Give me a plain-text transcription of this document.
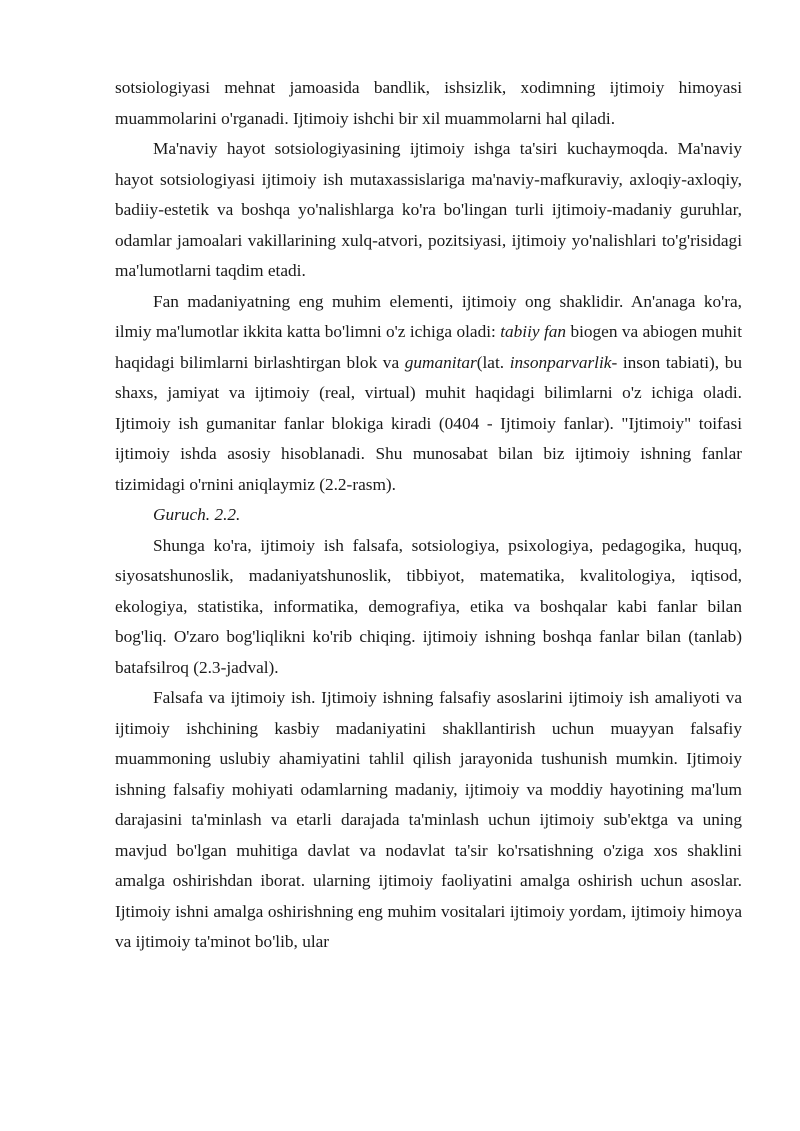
sotsiologiyasi mehnat jamoasida bandlik, ishsizlik, xodimning ijtimoiy himoyasi muammolarini o'rganadi. Ijtimoiy ishchi bir xil muammolarni hal qiladi.

Ma'naviy hayot sotsiologiyasining ijtimoiy ishga ta'siri kuchaymoqda. Ma'naviy hayot sotsiologiyasi ijtimoiy ish mutaxassislariga ma'naviy-mafkuraviy, axloqiy-axloqiy, badiiy-estetik va boshqa yo'nalishlarga ko'ra bo'lingan turli ijtimoiy-madaniy guruhlar, odamlar jamoalari vakillarining xulq-atvori, pozitsiyasi, ijtimoiy yo'nalishlari to'g'risidagi ma'lumotlarni taqdim etadi.

Fan madaniyatning eng muhim elementi, ijtimoiy ong shaklidir. An'anaga ko'ra, ilmiy ma'lumotlar ikkita katta bo'limni o'z ichiga oladi: tabiiy fan biogen va abiogen muhit haqidagi bilimlarni birlashtirgan blok va gumanitar(lat. insonparvarlik- inson tabiati), bu shaxs, jamiyat va ijtimoiy (real, virtual) muhit haqidagi bilimlarni o'z ichiga oladi. Ijtimoiy ish gumanitar fanlar blokiga kiradi (0404 - Ijtimoiy fanlar). "Ijtimoiy" toifasi ijtimoiy ishda asosiy hisoblanadi. Shu munosabat bilan biz ijtimoiy ishning fanlar tizimidagi o'rnini aniqlaymiz (2.2-rasm).

Guruch. 2.2.

Shunga ko'ra, ijtimoiy ish falsafa, sotsiologiya, psixologiya, pedagogika, huquq, siyosatshunoslik, madaniyatshunoslik, tibbiyot, matematika, kvalitologiya, iqtisod, ekologiya, statistika, informatika, demografiya, etika va boshqalar kabi fanlar bilan bog'liq. O'zaro bog'liqlikni ko'rib chiqing. ijtimoiy ishning boshqa fanlar bilan (tanlab) batafsilroq (2.3-jadval).

Falsafa va ijtimoiy ish. Ijtimoiy ishning falsafiy asoslarini ijtimoiy ish amaliyoti va ijtimoiy ishchining kasbiy madaniyatini shakllantirish uchun muayyan falsafiy muammoning uslubiy ahamiyatini tahlil qilish jarayonida tushunish mumkin. Ijtimoiy ishning falsafiy mohiyati odamlarning madaniy, ijtimoiy va moddiy hayotining ma'lum darajasini ta'minlash va etarli darajada ta'minlash uchun ijtimoiy sub'ektga va uning mavjud bo'lgan muhitiga davlat va nodavlat ta'sir ko'rsatishning o'ziga xos shaklini amalga oshirishdan iborat. ularning ijtimoiy faoliyatini amalga oshirish uchun asoslar. Ijtimoiy ishni amalga oshirishning eng muhim vositalari ijtimoiy yordam, ijtimoiy himoya va ijtimoiy ta'minot bo'lib, ular
